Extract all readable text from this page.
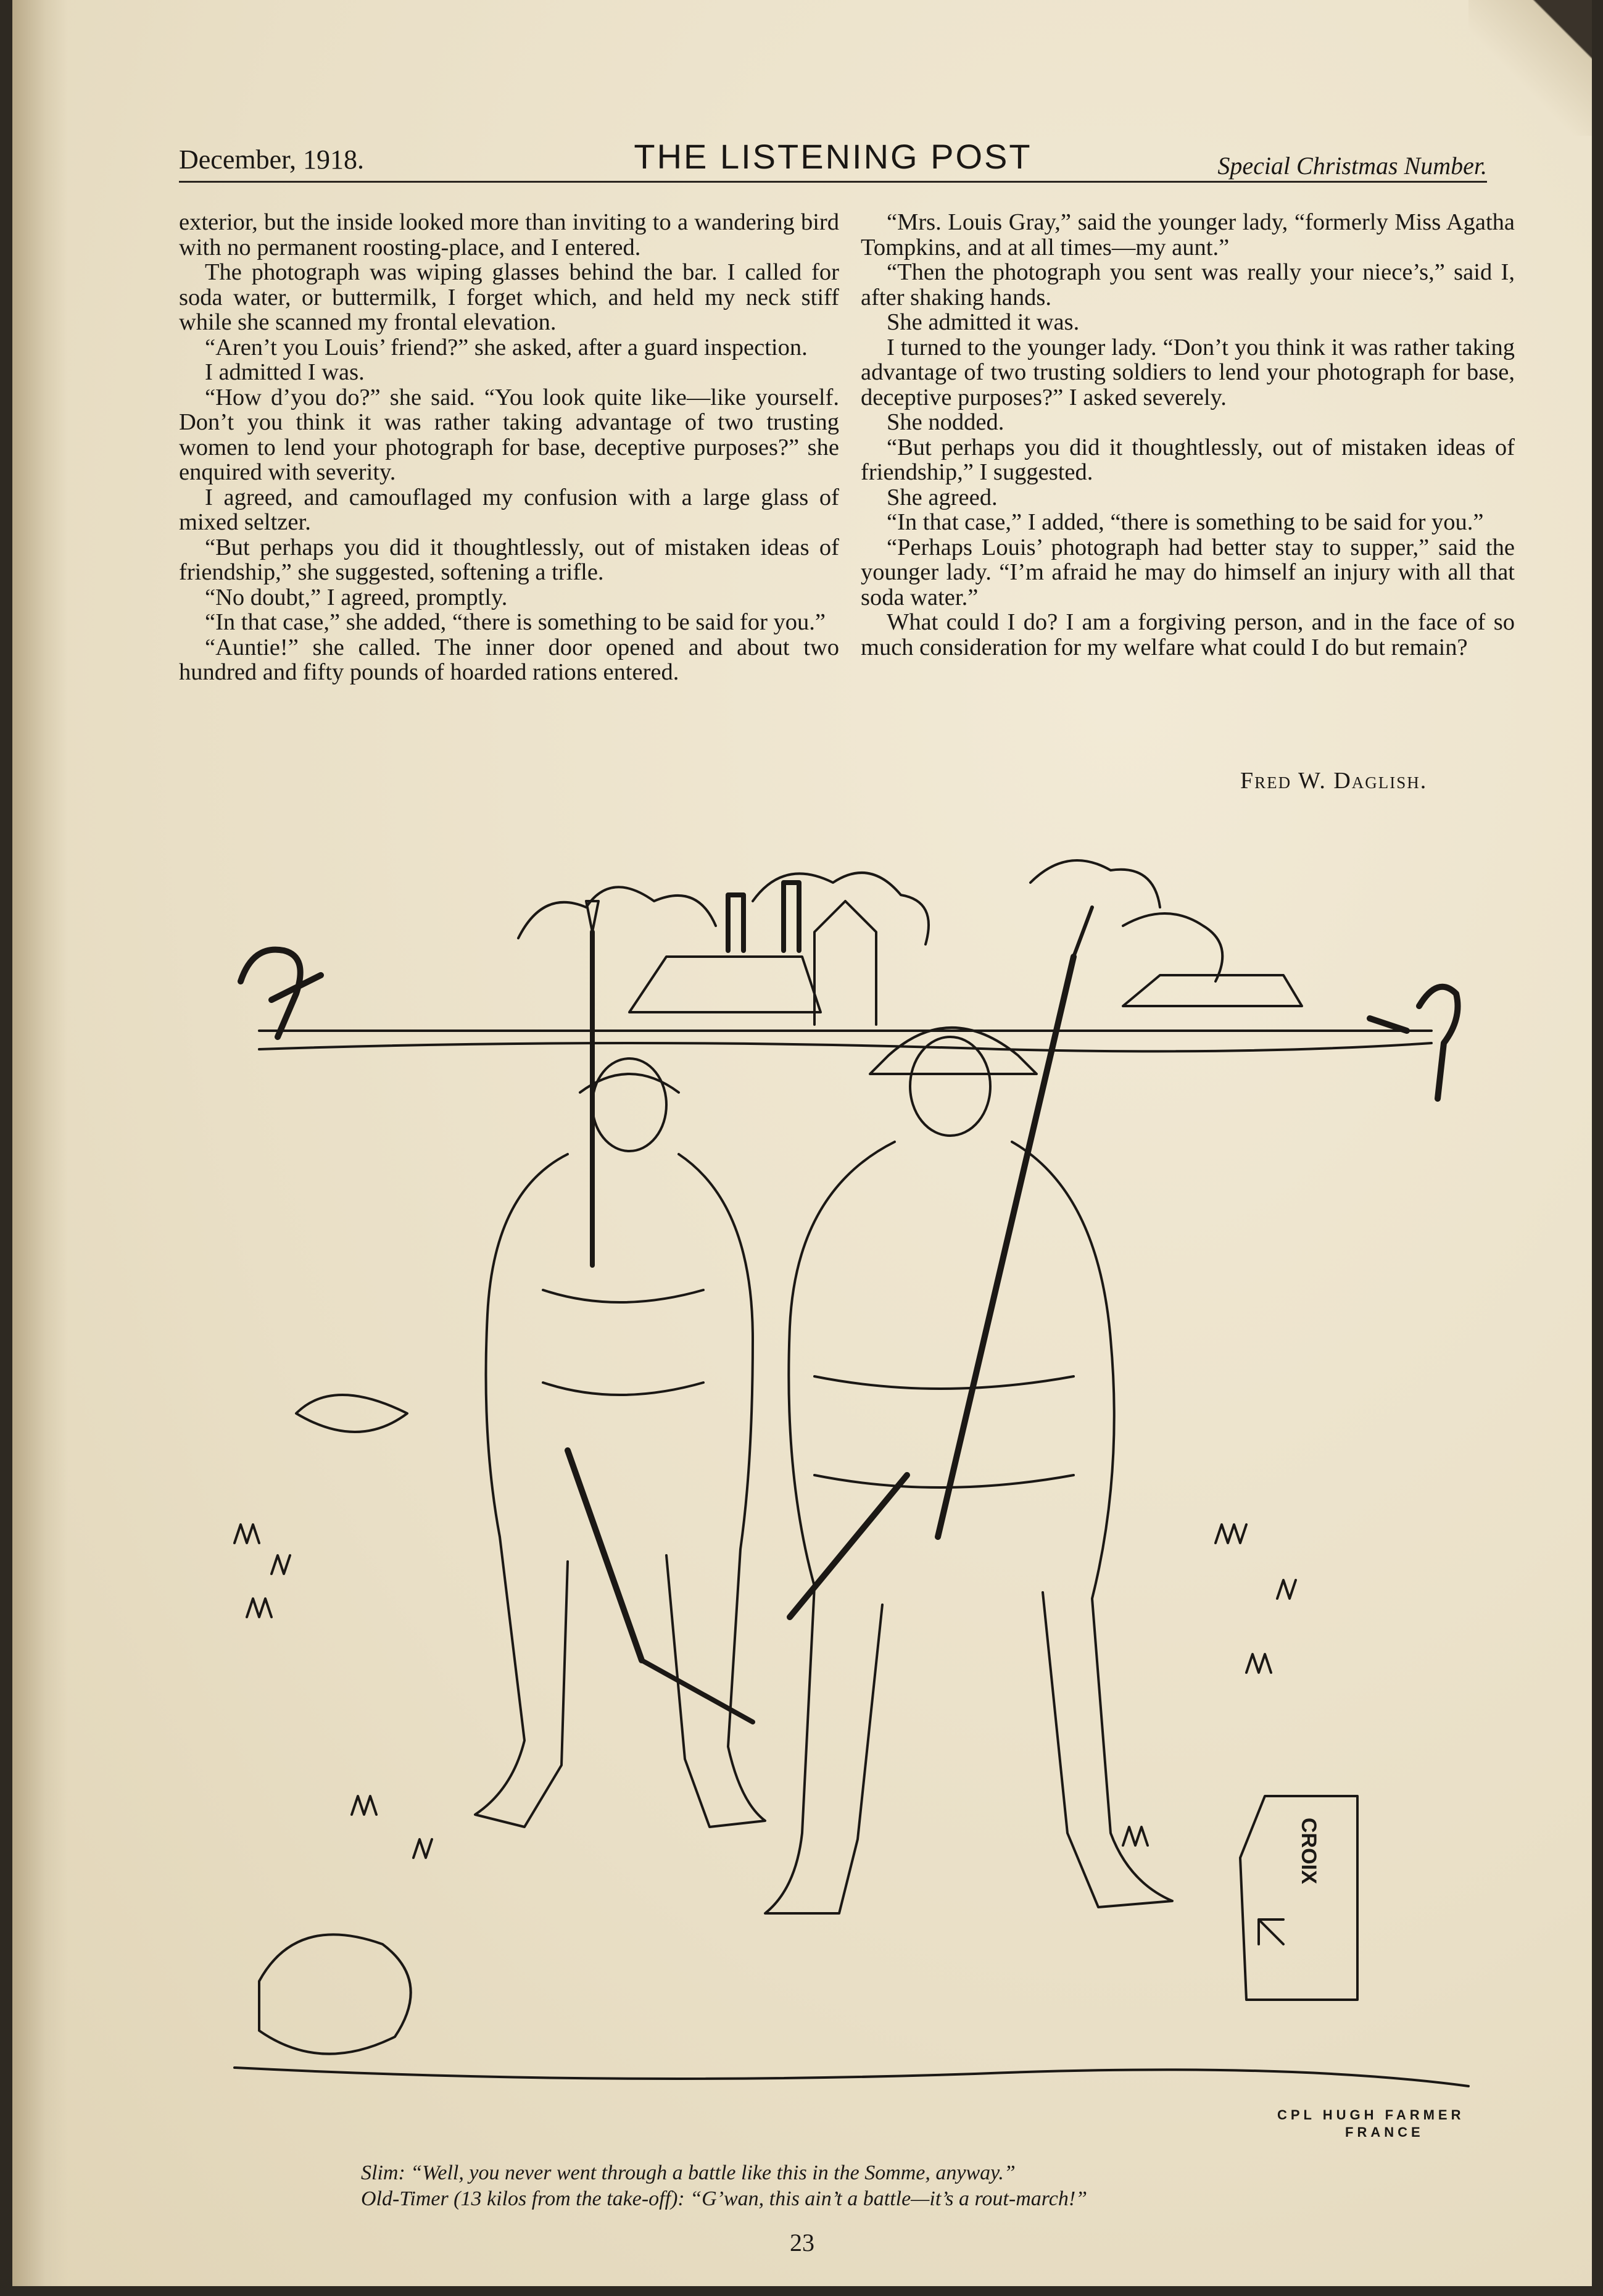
December, 1918.	THE LISTENING POST	Special Christmas Number.

exterior, but the inside looked more than inviting to a wandering bird with no permanent roosting-place, and I entered.

The photograph was wiping glasses behind the bar. I called for soda water, or buttermilk, I forget which, and held my neck stiff while she scanned my frontal elevation.

“Aren’t you Louis’ friend?” she asked, after a guard inspection.

I admitted I was.

“How d’you do?” she said. “You look quite like—like yourself. Don’t you think it was rather taking advantage of two trusting women to lend your photograph for base, deceptive purposes?” she enquired with severity.

I agreed, and camouflaged my confusion with a large glass of mixed seltzer.

“But perhaps you did it thoughtlessly, out of mistaken ideas of friendship,” she suggested, softening a trifle.

“No doubt,” I agreed, promptly.

“In that case,” she added, “there is something to be said for you.”

“Auntie!” she called. The inner door opened and about two hundred and fifty pounds of hoarded rations entered.

“Mrs. Louis Gray,” said the younger lady, “formerly Miss Agatha Tompkins, and at all times—my aunt.”

“Then the photograph you sent was really your niece’s,” said I, after shaking hands.

She admitted it was.

I turned to the younger lady. “Don’t you think it was rather taking advantage of two trusting soldiers to lend your photograph for base, deceptive purposes?” I asked severely.

She nodded.

“But perhaps you did it thoughtlessly, out of mistaken ideas of friendship,” I suggested.

She agreed.

“In that case,” I added, “there is something to be said for you.”

“Perhaps Louis’ photograph had better stay to supper,” said the younger lady. “I’m afraid he may do himself an injury with all that soda water.”

What could I do? I am a forgiving person, and in the face of so much consideration for my welfare what could I do but remain?

Fred W. Daglish.
CROIX
CPL HUGH FARMER
FRANCE
Slim: “Well, you never went through a battle like this in the Somme, anyway.”
Old-Timer (13 kilos from the take-off): “G’wan, this ain’t a battle—it’s a rout-march!”
23
